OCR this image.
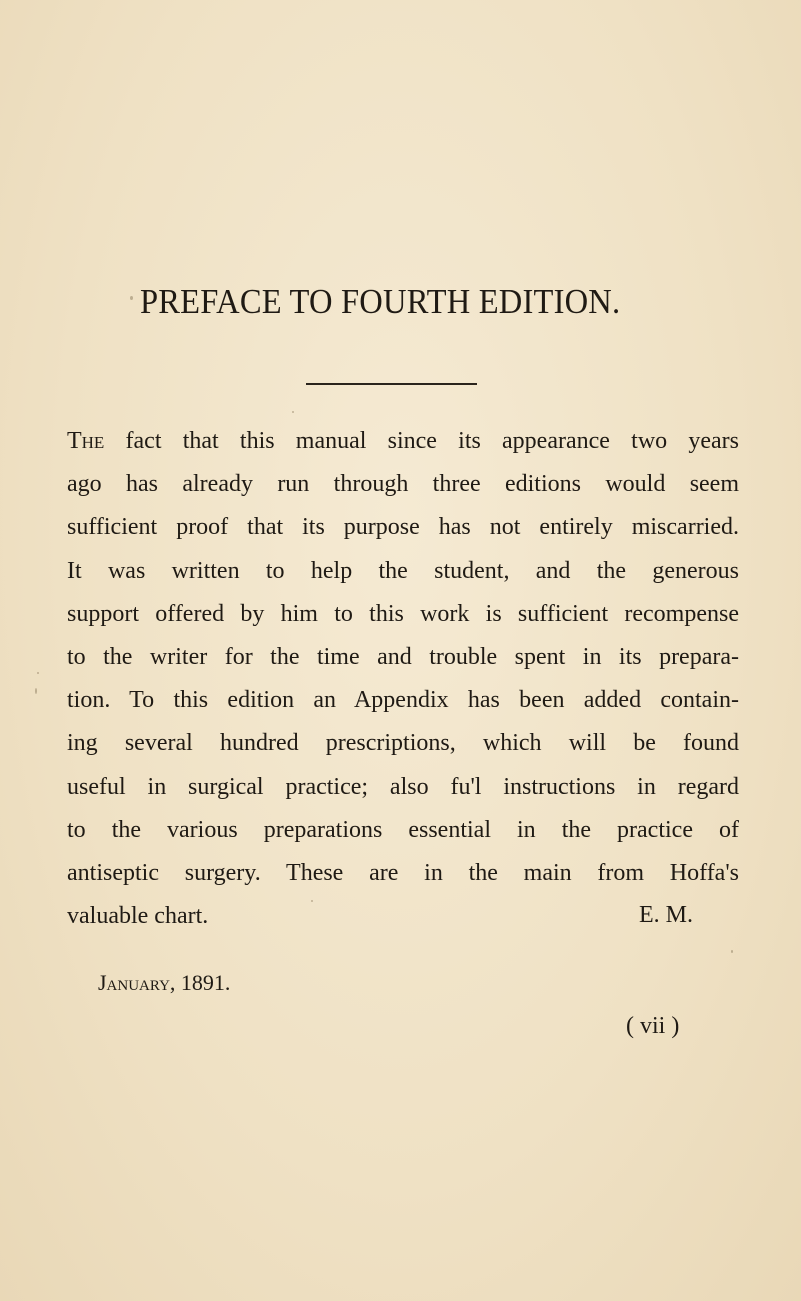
PREFACE TO FOURTH EDITION.
The fact that this manual since its appearance two years
ago has already run through three editions would seem
sufficient proof that its purpose has not entirely miscarried.
It was written to help the student, and the generous
support offered by him to this work is sufficient recompense
to the writer for the time and trouble spent in its prepara-
tion. To this edition an Appendix has been added contain-
ing several hundred prescriptions, which will be found
useful in surgical practice; also fu'l instructions in regard
to the various preparations essential in the practice of
antiseptic surgery. These are in the main from Hoffa's
valuable chart.	E. M.
January, 1891.
( vii )
